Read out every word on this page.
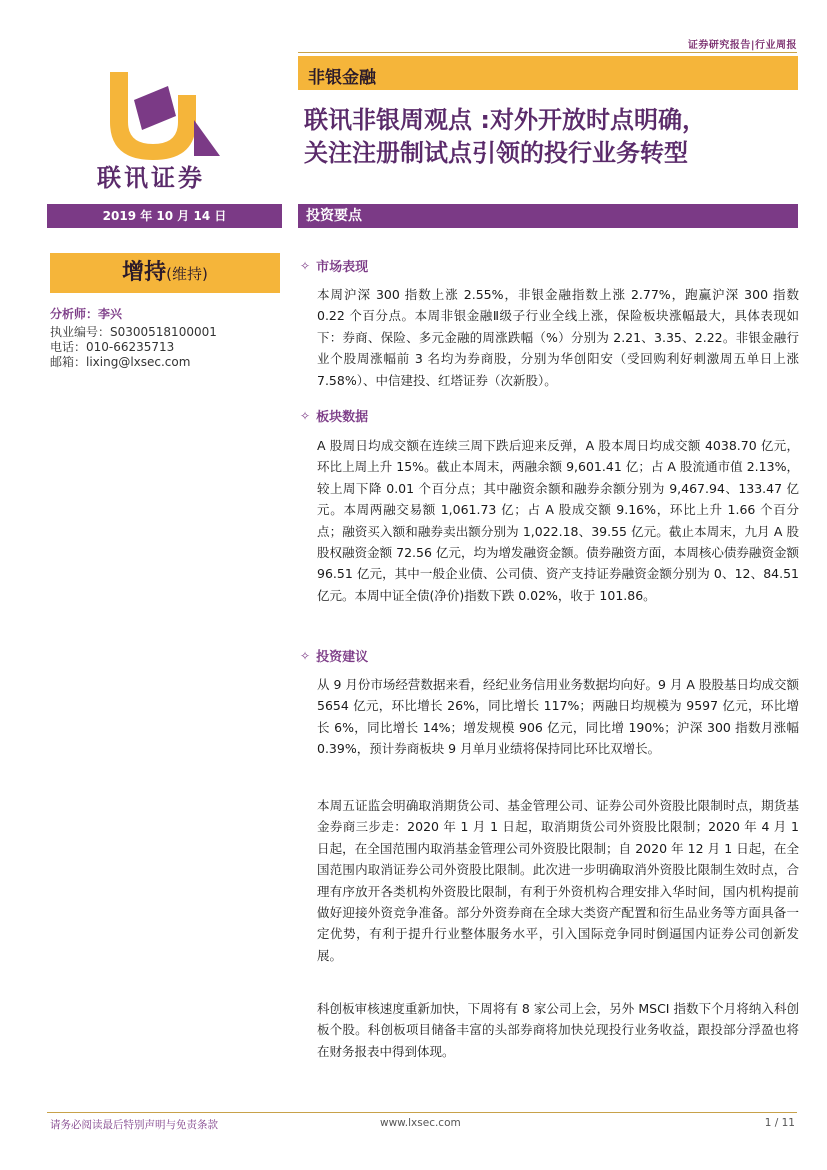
证券研究报告|行业周报
联讯证券
非银金融
联讯非银周观点 :对外开放时点明确，
关注注册制试点引领的投行业务转型
2019 年 10 月 14 日	投资要点
增持(维持)
分析师：李兴
执业编号：S0300518100001
电话：010-66235713
邮箱：lixing@lxsec.com
✧ 市场表现
本周沪深 300 指数上涨 2.55%，非银金融指数上涨 2.77%，跑赢沪深 300 指数 0.22 个百分点。本周非银金融Ⅱ级子行业全线上涨，保险板块涨幅最大，具体表现如下：券商、保险、多元金融的周涨跌幅（%）分别为 2.21、3.35、2.22。非银金融行业个股周涨幅前 3 名均为券商股，分别为华创阳安（受回购利好刺激周五单日上涨 7.58%）、中信建投、红塔证券（次新股）。
✧ 板块数据
A 股周日均成交额在连续三周下跌后迎来反弹，A 股本周日均成交额 4038.70 亿元，环比上周上升 15%。截止本周末，两融余额 9,601.41 亿；占 A 股流通市值 2.13%，较上周下降 0.01 个百分点；其中融资余额和融券余额分别为 9,467.94、133.47 亿元。本周两融交易额 1,061.73 亿；占 A 股成交额 9.16%，环比上升 1.66 个百分点；融资买入额和融券卖出额分别为 1,022.18、39.55 亿元。截止本周末，九月 A 股股权融资金额 72.56 亿元，均为增发融资金额。债券融资方面，本周核心债券融资金额 96.51 亿元，其中一般企业债、公司债、资产支持证券融资金额分别为 0、12、84.51 亿元。本周中证全债(净价)指数下跌 0.02%，收于 101.86。
✧ 投资建议
从 9 月份市场经营数据来看，经纪业务信用业务数据均向好。9 月 A 股股基日均成交额 5654 亿元，环比增长 26%，同比增长 117%；两融日均规模为 9597 亿元，环比增长 6%，同比增长 14%；增发规模 906 亿元，同比增 190%；沪深 300 指数月涨幅 0.39%，预计券商板块 9 月单月业绩将保持同比环比双增长。
本周五证监会明确取消期货公司、基金管理公司、证券公司外资股比限制时点，期货基金券商三步走：2020 年 1 月 1 日起，取消期货公司外资股比限制；2020 年 4 月 1 日起，在全国范围内取消基金管理公司外资股比限制；自 2020 年 12 月 1 日起，在全国范围内取消证券公司外资股比限制。此次进一步明确取消外资股比限制生效时点，合理有序放开各类机构外资股比限制，有利于外资机构合理安排入华时间，国内机构提前做好迎接外资竞争准备。部分外资券商在全球大类资产配置和衍生品业务等方面具备一定优势，有利于提升行业整体服务水平，引入国际竞争同时倒逼国内证券公司创新发展。
科创板审核速度重新加快，下周将有 8 家公司上会，另外 MSCI 指数下个月将纳入科创板个股。科创板项目储备丰富的头部券商将加快兑现投行业务收益，跟投部分浮盈也将在财务报表中得到体现。
请务必阅读最后特别声明与免责条款	www.lxsec.com	1 / 11
